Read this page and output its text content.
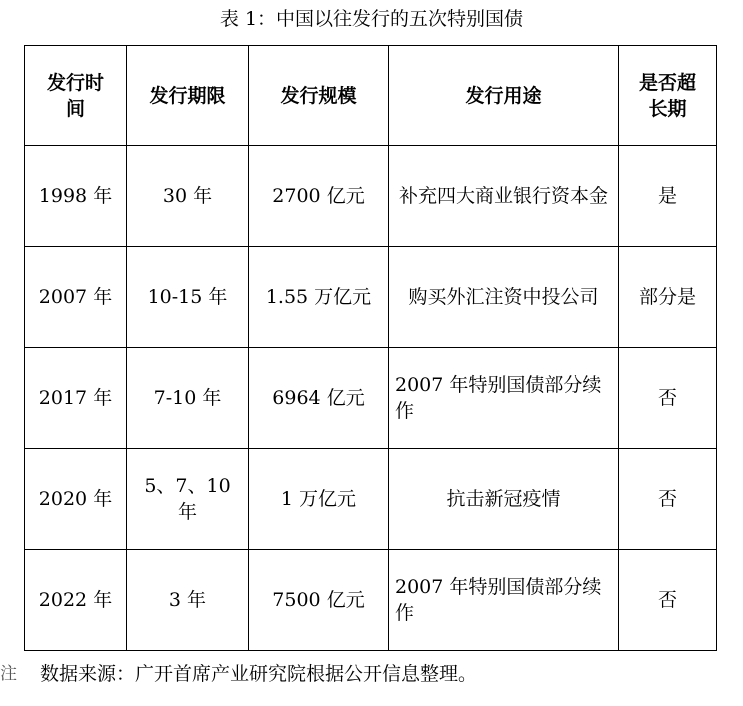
表 1：中国以往发行的五次特别国债
发行时间	发行期限	发行规模	发行用途	是否超长期
1998 年	30 年	2700 亿元	补充四大商业银行资本金	是
2007 年	10-15 年	1.55 万亿元	购买外汇注资中投公司	部分是
2017 年	7-10 年	6964 亿元	2007 年特别国债部分续作	否
2020 年	5、7、10 年	1 万亿元	抗击新冠疫情	否
2022 年	3 年	7500 亿元	2007 年特别国债部分续作	否
注 数据来源：广开首席产业研究院根据公开信息整理。
